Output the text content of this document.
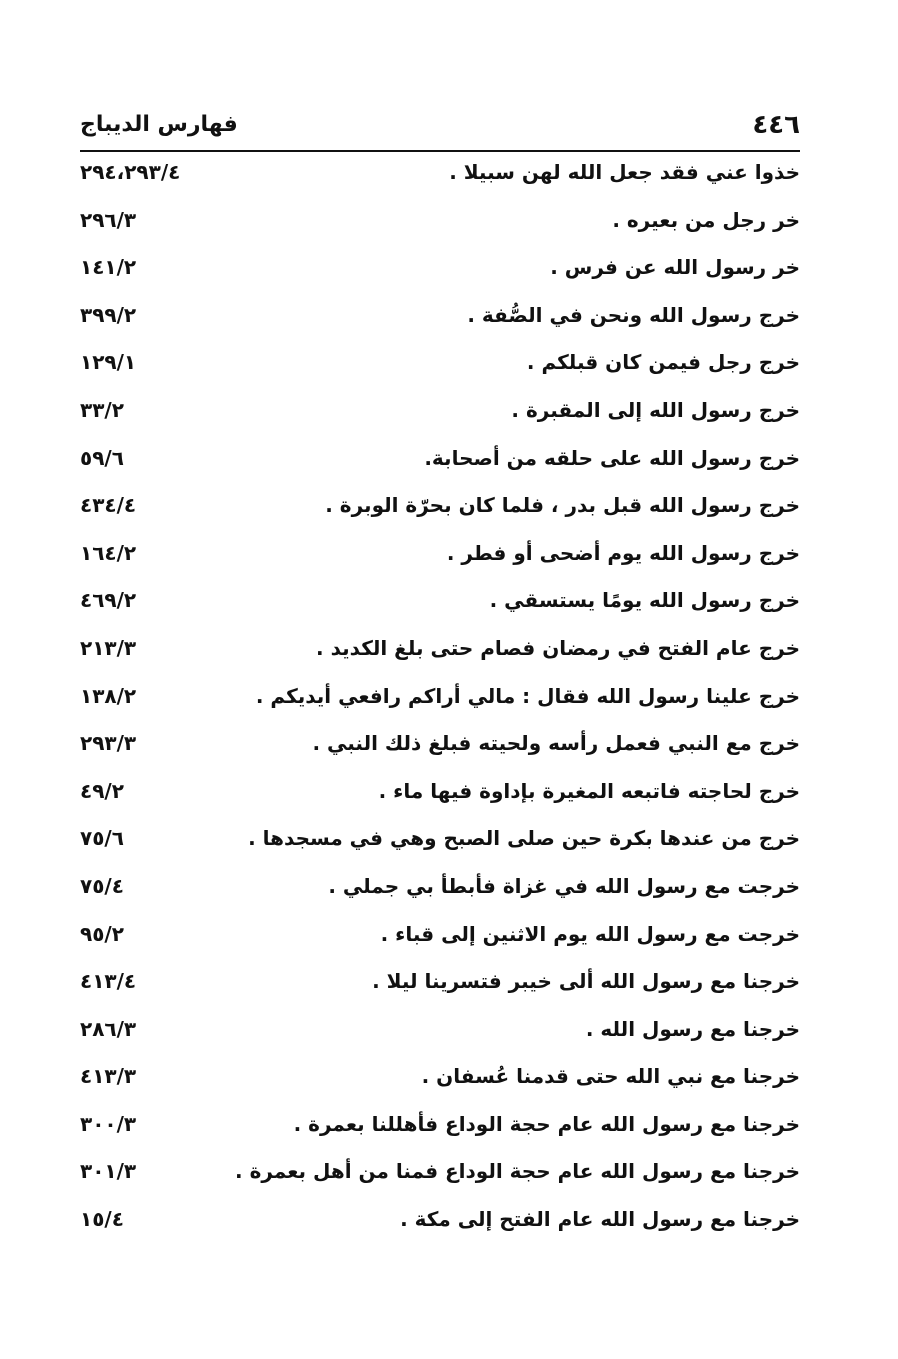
٤٤٦
فهارس الديباج
خذوا عني فقد جعل الله لهن سبيلا .
٢٩٤،٢٩٣/٤
خر رجل من بعيره .
٢٩٦/٣
خر رسول الله عن فرس .
١٤١/٢
خرج رسول الله ونحن في الصُّفة .
٣٩٩/٢
خرج رجل فيمن كان قبلكم .
١٢٩/١
خرج رسول الله إلى المقبرة .
٣٣/٢
خرج رسول الله على حلقه من أصحابة.
٥٩/٦
خرج رسول الله قبل بدر ، فلما كان بحرّة الوبرة .
٤٣٤/٤
خرج رسول الله يوم أضحى أو فطر .
١٦٤/٢
خرج رسول الله يومًا يستسقي .
٤٦٩/٢
خرج عام الفتح في رمضان فصام حتى بلغ الكديد .
٢١٣/٣
خرج علينا رسول الله فقال : مالي أراكم رافعي أيديكم .
١٣٨/٢
خرج مع النبي فعمل رأسه ولحيته فبلغ ذلك النبي .
٢٩٣/٣
خرج لحاجته فاتبعه المغيرة بإداوة فيها ماء .
٤٩/٢
خرج من عندها بكرة حين صلى الصبح وهي في مسجدها .
٧٥/٦
خرجت مع رسول الله في غزاة فأبطأ بي جملي .
٧٥/٤
خرجت مع رسول الله يوم الاثنين إلى قباء .
٩٥/٢
خرجنا مع رسول الله ألى خيبر فتسرينا ليلا .
٤١٣/٤
خرجنا مع رسول الله .
٢٨٦/٣
خرجنا مع نبي الله حتى قدمنا عُسفان .
٤١٣/٣
خرجنا مع رسول الله عام حجة الوداع فأهللنا بعمرة .
٣٠٠/٣
خرجنا مع رسول الله عام حجة الوداع فمنا من أهل بعمرة .
٣٠١/٣
خرجنا مع رسول الله عام الفتح إلى مكة .
١٥/٤
